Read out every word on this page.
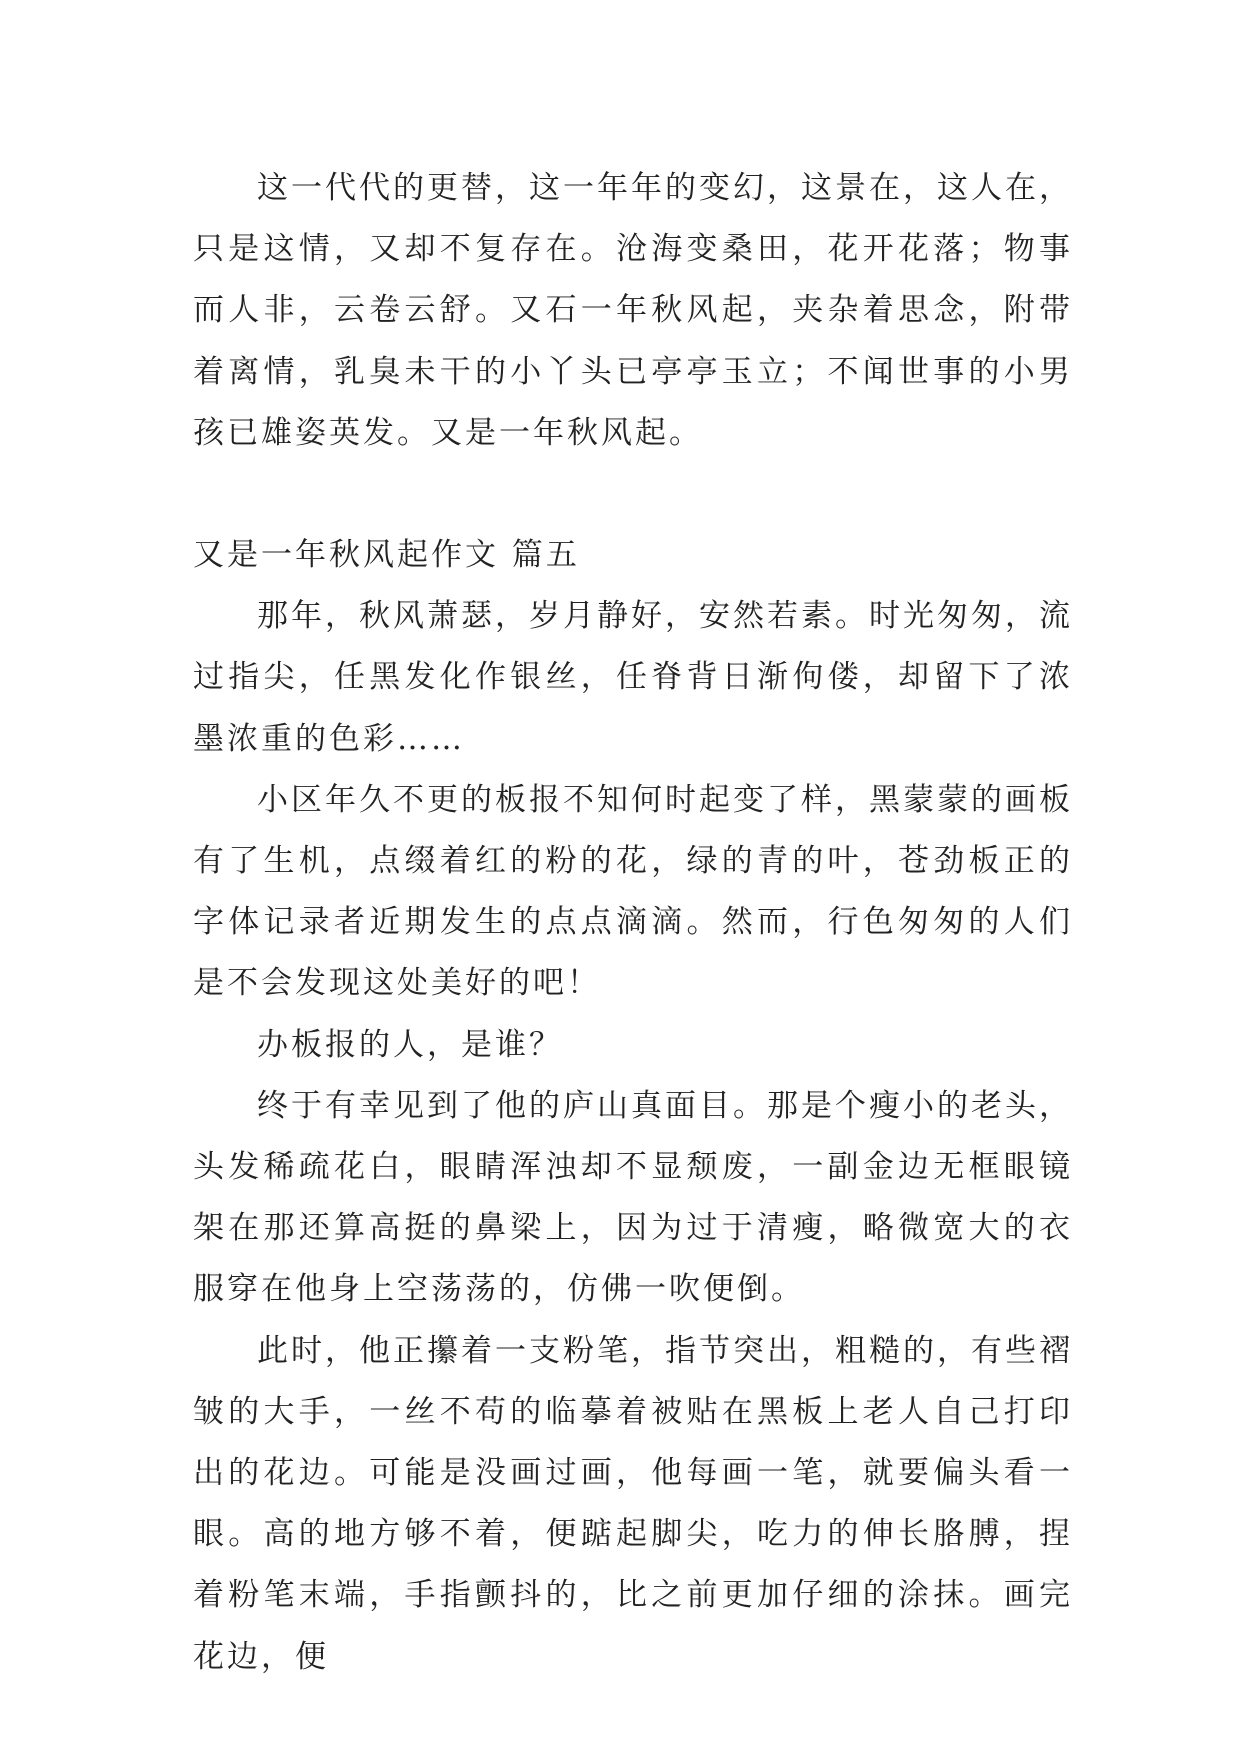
这一代代的更替，这一年年的变幻，这景在，这人在，只是这情，又却不复存在。沧海变桑田，花开花落；物事而人非，云卷云舒。又石一年秋风起，夹杂着思念，附带着离情，乳臭未干的小丫头已亭亭玉立；不闻世事的小男孩已雄姿英发。又是一年秋风起。

又是一年秋风起作文 篇五

那年，秋风萧瑟，岁月静好，安然若素。时光匆匆，流过指尖，任黑发化作银丝，任脊背日渐佝偻，却留下了浓墨浓重的色彩……

小区年久不更的板报不知何时起变了样，黑蒙蒙的画板有了生机，点缀着红的粉的花，绿的青的叶，苍劲板正的字体记录者近期发生的点点滴滴。然而，行色匆匆的人们是不会发现这处美好的吧！

办板报的人，是谁？

终于有幸见到了他的庐山真面目。那是个瘦小的老头，头发稀疏花白，眼睛浑浊却不显颓废，一副金边无框眼镜架在那还算高挺的鼻梁上，因为过于清瘦，略微宽大的衣服穿在他身上空荡荡的，仿佛一吹便倒。

此时，他正攥着一支粉笔，指节突出，粗糙的，有些褶皱的大手，一丝不苟的临摹着被贴在黑板上老人自己打印出的花边。可能是没画过画，他每画一笔，就要偏头看一眼。高的地方够不着，便踮起脚尖，吃力的伸长胳膊，捏着粉笔末端，手指颤抖的，比之前更加仔细的涂抹。画完花边，便
